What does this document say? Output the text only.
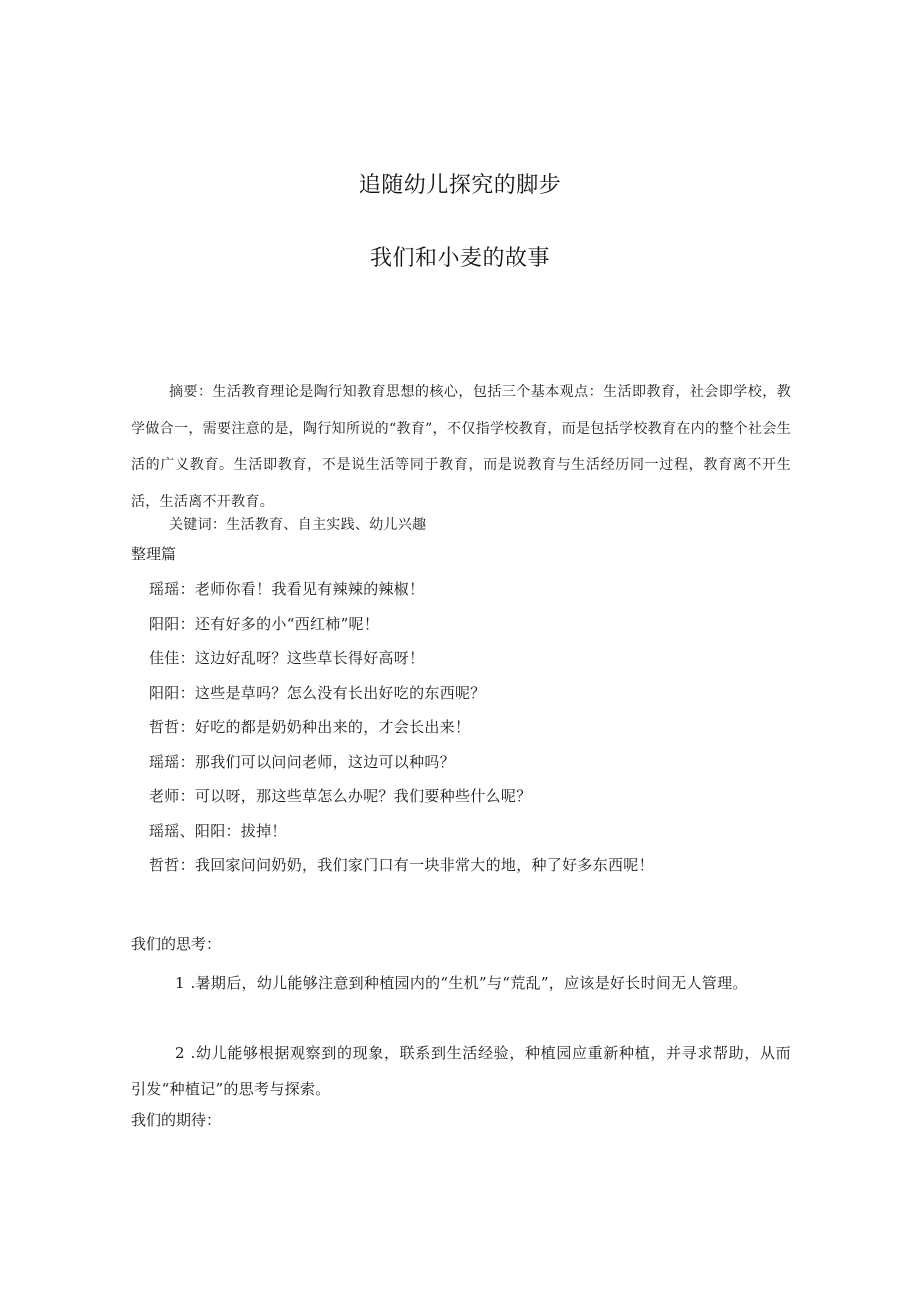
追随幼儿探究的脚步
我们和小麦的故事

摘要：生活教育理论是陶行知教育思想的核心，包括三个基本观点：生活即教育，社会即学校，教学做合一，需要注意的是，陶行知所说的“教育”，不仅指学校教育，而是包括学校教育在内的整个社会生活的广义教育。生活即教育，不是说生活等同于教育，而是说教育与生活经历同一过程，教育离不开生活，生活离不开教育。

关键词：生活教育、自主实践、幼儿兴趣

整理篇

瑶瑶：老师你看！我看见有辣辣的辣椒！
阳阳：还有好多的小“西红柿”呢！
佳佳：这边好乱呀？这些草长得好高呀！
阳阳：这些是草吗？怎么没有长出好吃的东西呢？
哲哲：好吃的都是奶奶种出来的，才会长出来！
瑶瑶：那我们可以问问老师，这边可以种吗？
老师：可以呀，那这些草怎么办呢？我们要种些什么呢？
瑶瑶、阳阳：拔掉！
哲哲：我回家问问奶奶，我们家门口有一块非常大的地，种了好多东西呢！

我们的思考：

1.暑期后，幼儿能够注意到种植园内的“生机”与“荒乱”，应该是好长时间无人管理。

2.幼儿能够根据观察到的现象，联系到生活经验，种植园应重新种植，并寻求帮助，从而引发“种植记”的思考与探索。

我们的期待：
